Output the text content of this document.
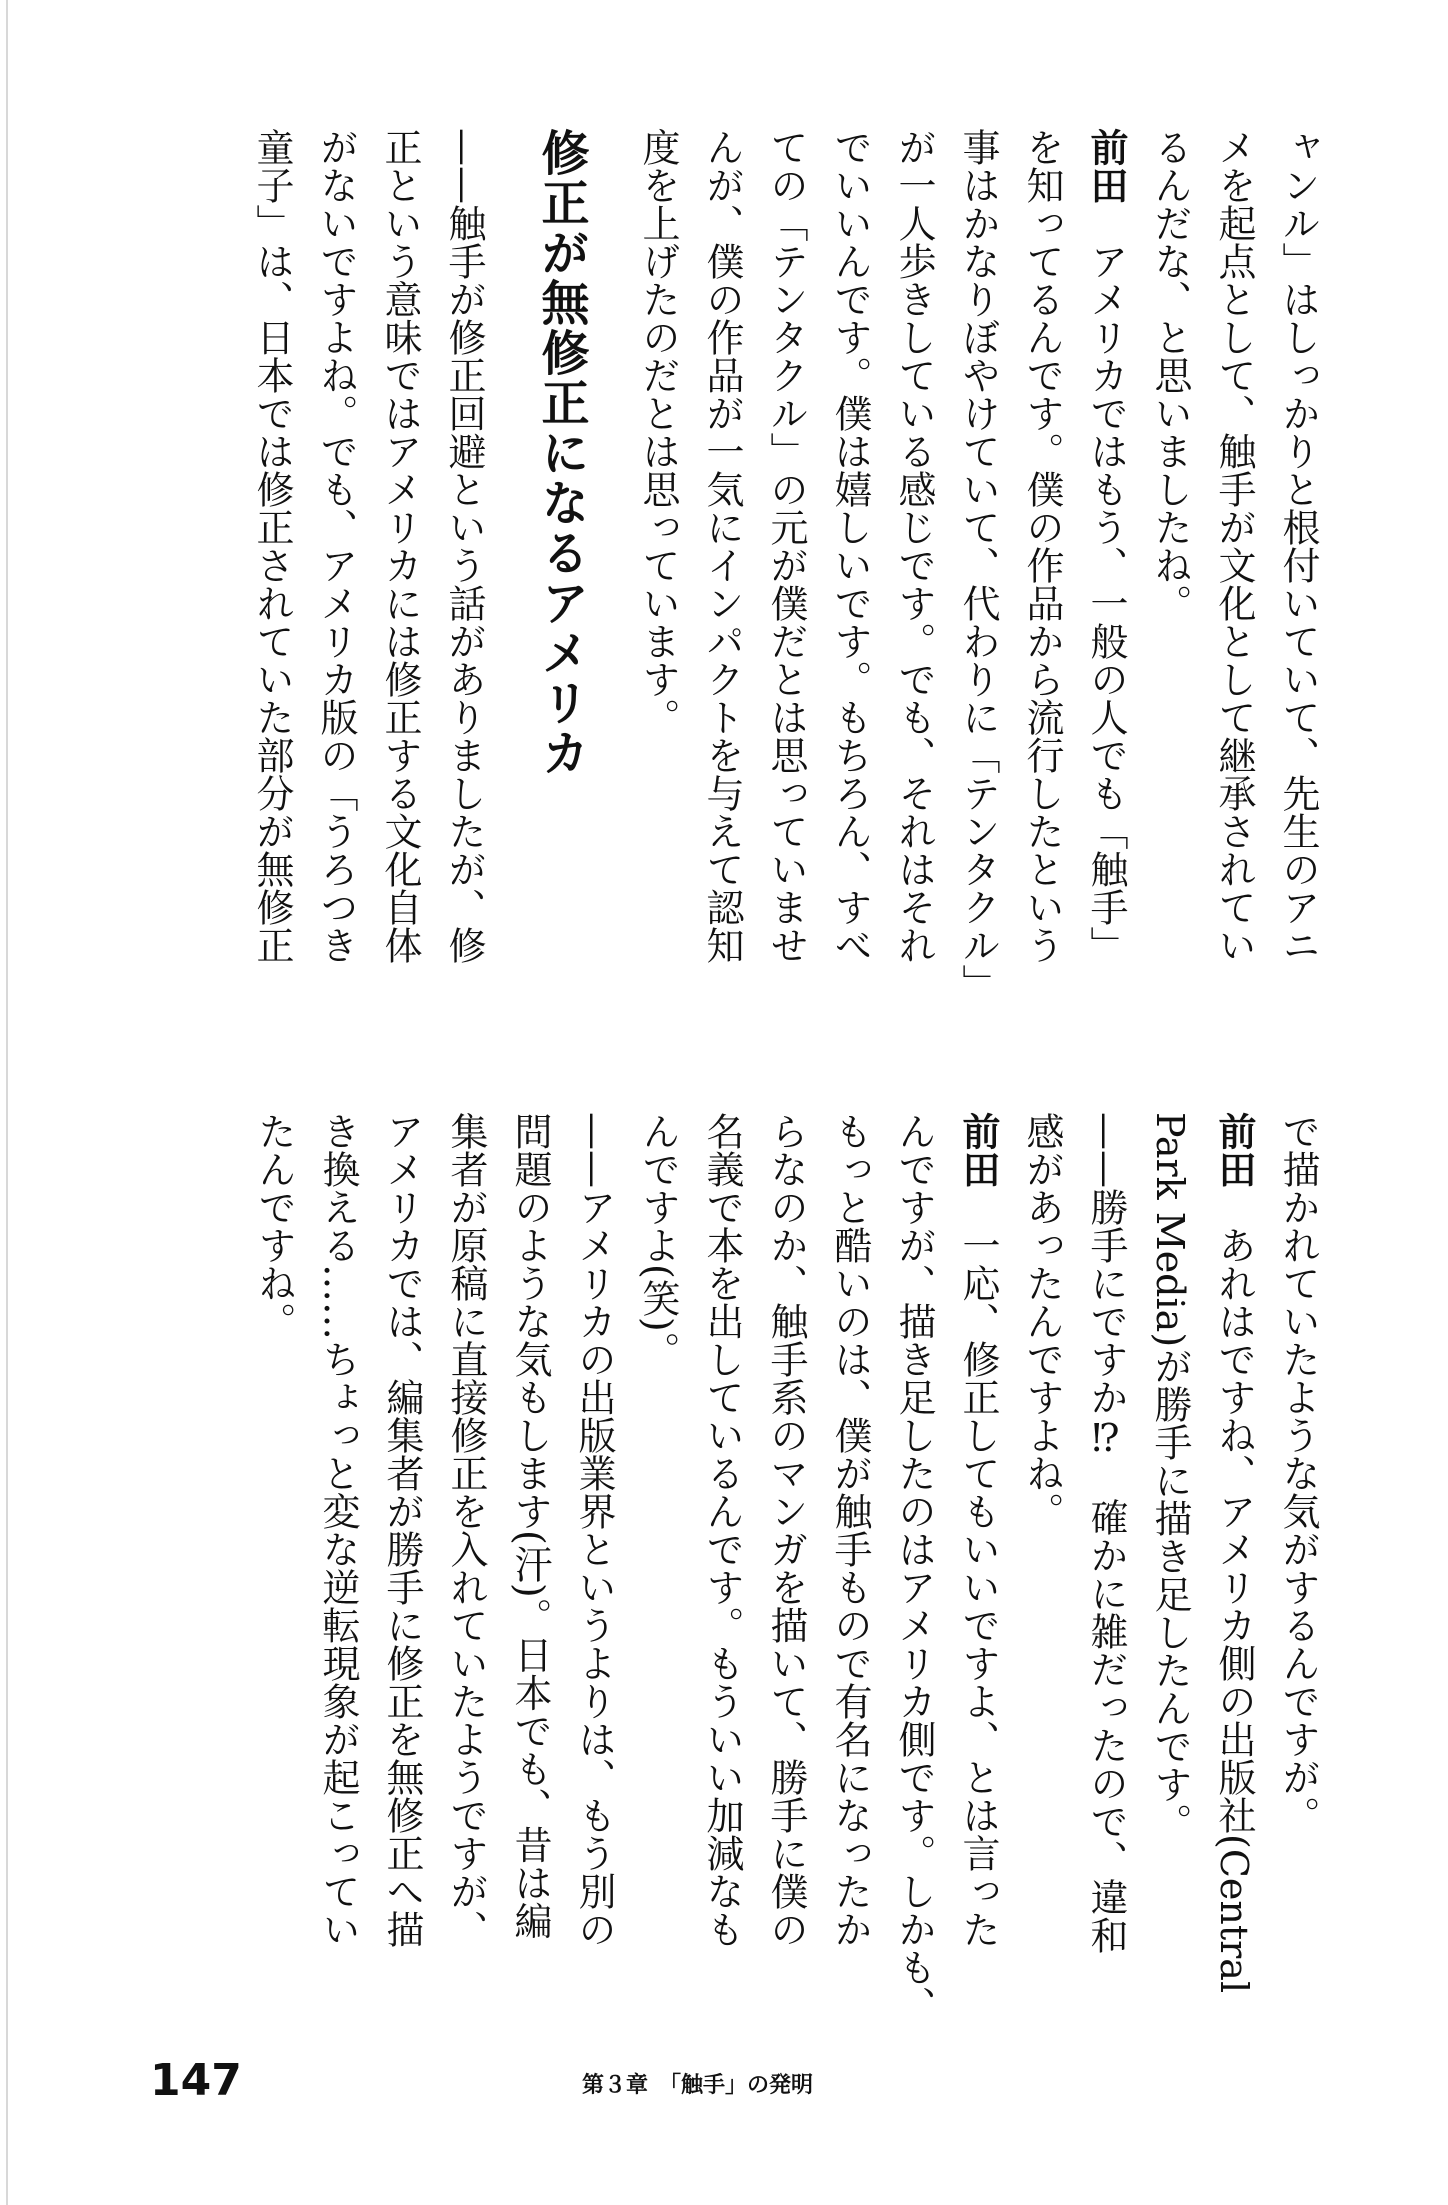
ャンル」はしっかりと根付いていて、先生のアニ
メを起点として、触手が文化として継承されてい
るんだな、と思いましたね。
前田アメリカではもう、一般の人でも「触手」
を知ってるんです。僕の作品から流行したという
事はかなりぼやけていて、代わりに「テンタクル」
が一人歩きしている感じです。でも、それはそれ
でいいんです。僕は嬉しいです。もちろん、すべ
ての「テンタクル」の元が僕だとは思っていませ
んが、僕の作品が一気にインパクトを与えて認知
度を上げたのだとは思っています。
修正が無修正になるアメリカ
——触手が修正回避という話がありましたが、修
正という意味ではアメリカには修正する文化自体
がないですよね。でも、アメリカ版の「うろつき
童子」は、日本では修正されていた部分が無修正
で描かれていたような気がするんですが。
前田あれはですね、アメリカ側の出版社(Central
Park Media)が勝手に描き足したんです。
——勝手にですか⁉　確かに雑だったので、違和
感があったんですよね。
前田一応、修正してもいいですよ、とは言った
んですが、描き足したのはアメリカ側です。しかも、
もっと酷いのは、僕が触手もので有名になったか
らなのか、触手系のマンガを描いて、勝手に僕の
名義で本を出しているんです。もういい加減なも
んですよ(笑)。
——アメリカの出版業界というよりは、もう別の
問題のような気もします(汗)。日本でも、昔は編
集者が原稿に直接修正を入れていたようですが、
アメリカでは、編集者が勝手に修正を無修正へ描
き換える……ちょっと変な逆転現象が起こってい
たんですね。
147	第３章　「触手」の発明
